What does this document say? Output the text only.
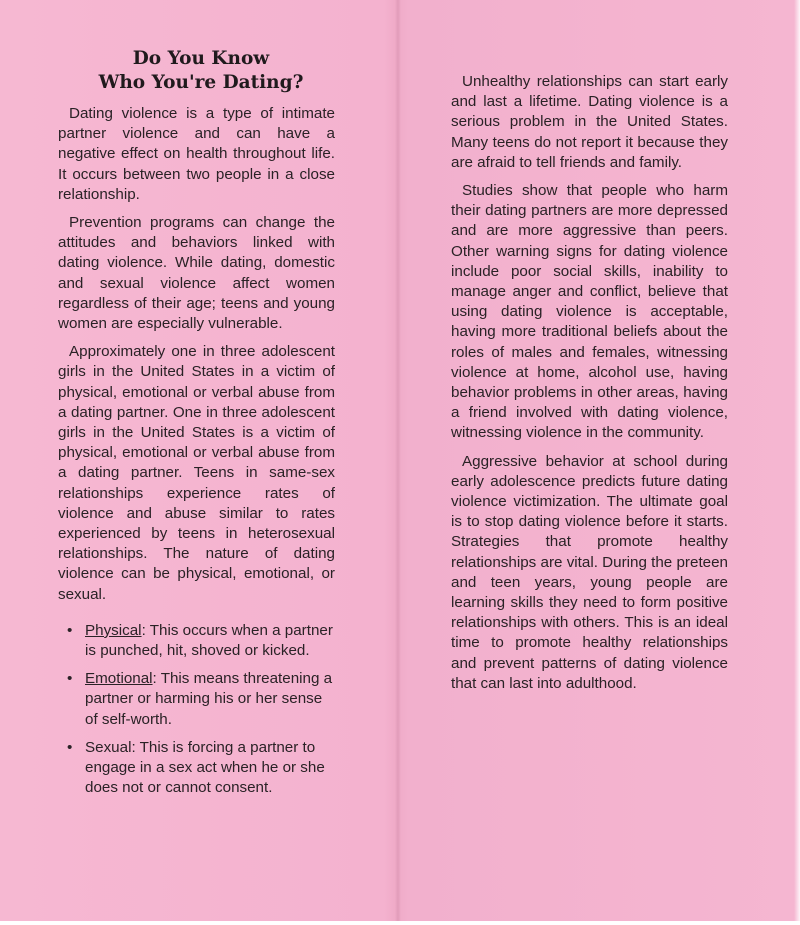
Do You Know
Who You're Dating?

Dating violence is a type of intimate partner violence and can have a negative effect on health throughout life. It occurs between two people in a close relationship.

Prevention programs can change the attitudes and behaviors linked with dating violence. While dating, domestic and sexual violence affect women regardless of their age; teens and young women are especially vulnerable.

Approximately one in three adolescent girls in the United States in a victim of physical, emotional or verbal abuse from a dating partner. One in three adolescent girls in the United States is a victim of physical, emotional or verbal abuse from a dating partner. Teens in same-sex relationships experience rates of violence and abuse similar to rates experienced by teens in heterosexual relationships. The nature of dating violence can be physical, emotional, or sexual.

• Physical: This occurs when a partner is punched, hit, shoved or kicked.
• Emotional: This means threatening a partner or harming his or her sense of self-worth.
• Sexual: This is forcing a partner to engage in a sex act when he or she does not or cannot consent.

Unhealthy relationships can start early and last a lifetime. Dating violence is a serious problem in the United States. Many teens do not report it because they are afraid to tell friends and family.

Studies show that people who harm their dating partners are more depressed and are more aggressive than peers. Other warning signs for dating violence include poor social skills, inability to manage anger and conflict, believe that using dating violence is acceptable, having more traditional beliefs about the roles of males and females, witnessing violence at home, alcohol use, having behavior problems in other areas, having a friend involved with dating violence, witnessing violence in the community.

Aggressive behavior at school during early adolescence predicts future dating violence victimization. The ultimate goal is to stop dating violence before it starts. Strategies that promote healthy relationships are vital. During the preteen and teen years, young people are learning skills they need to form positive relationships with others. This is an ideal time to promote healthy relationships and prevent patterns of dating violence that can last into adulthood.
